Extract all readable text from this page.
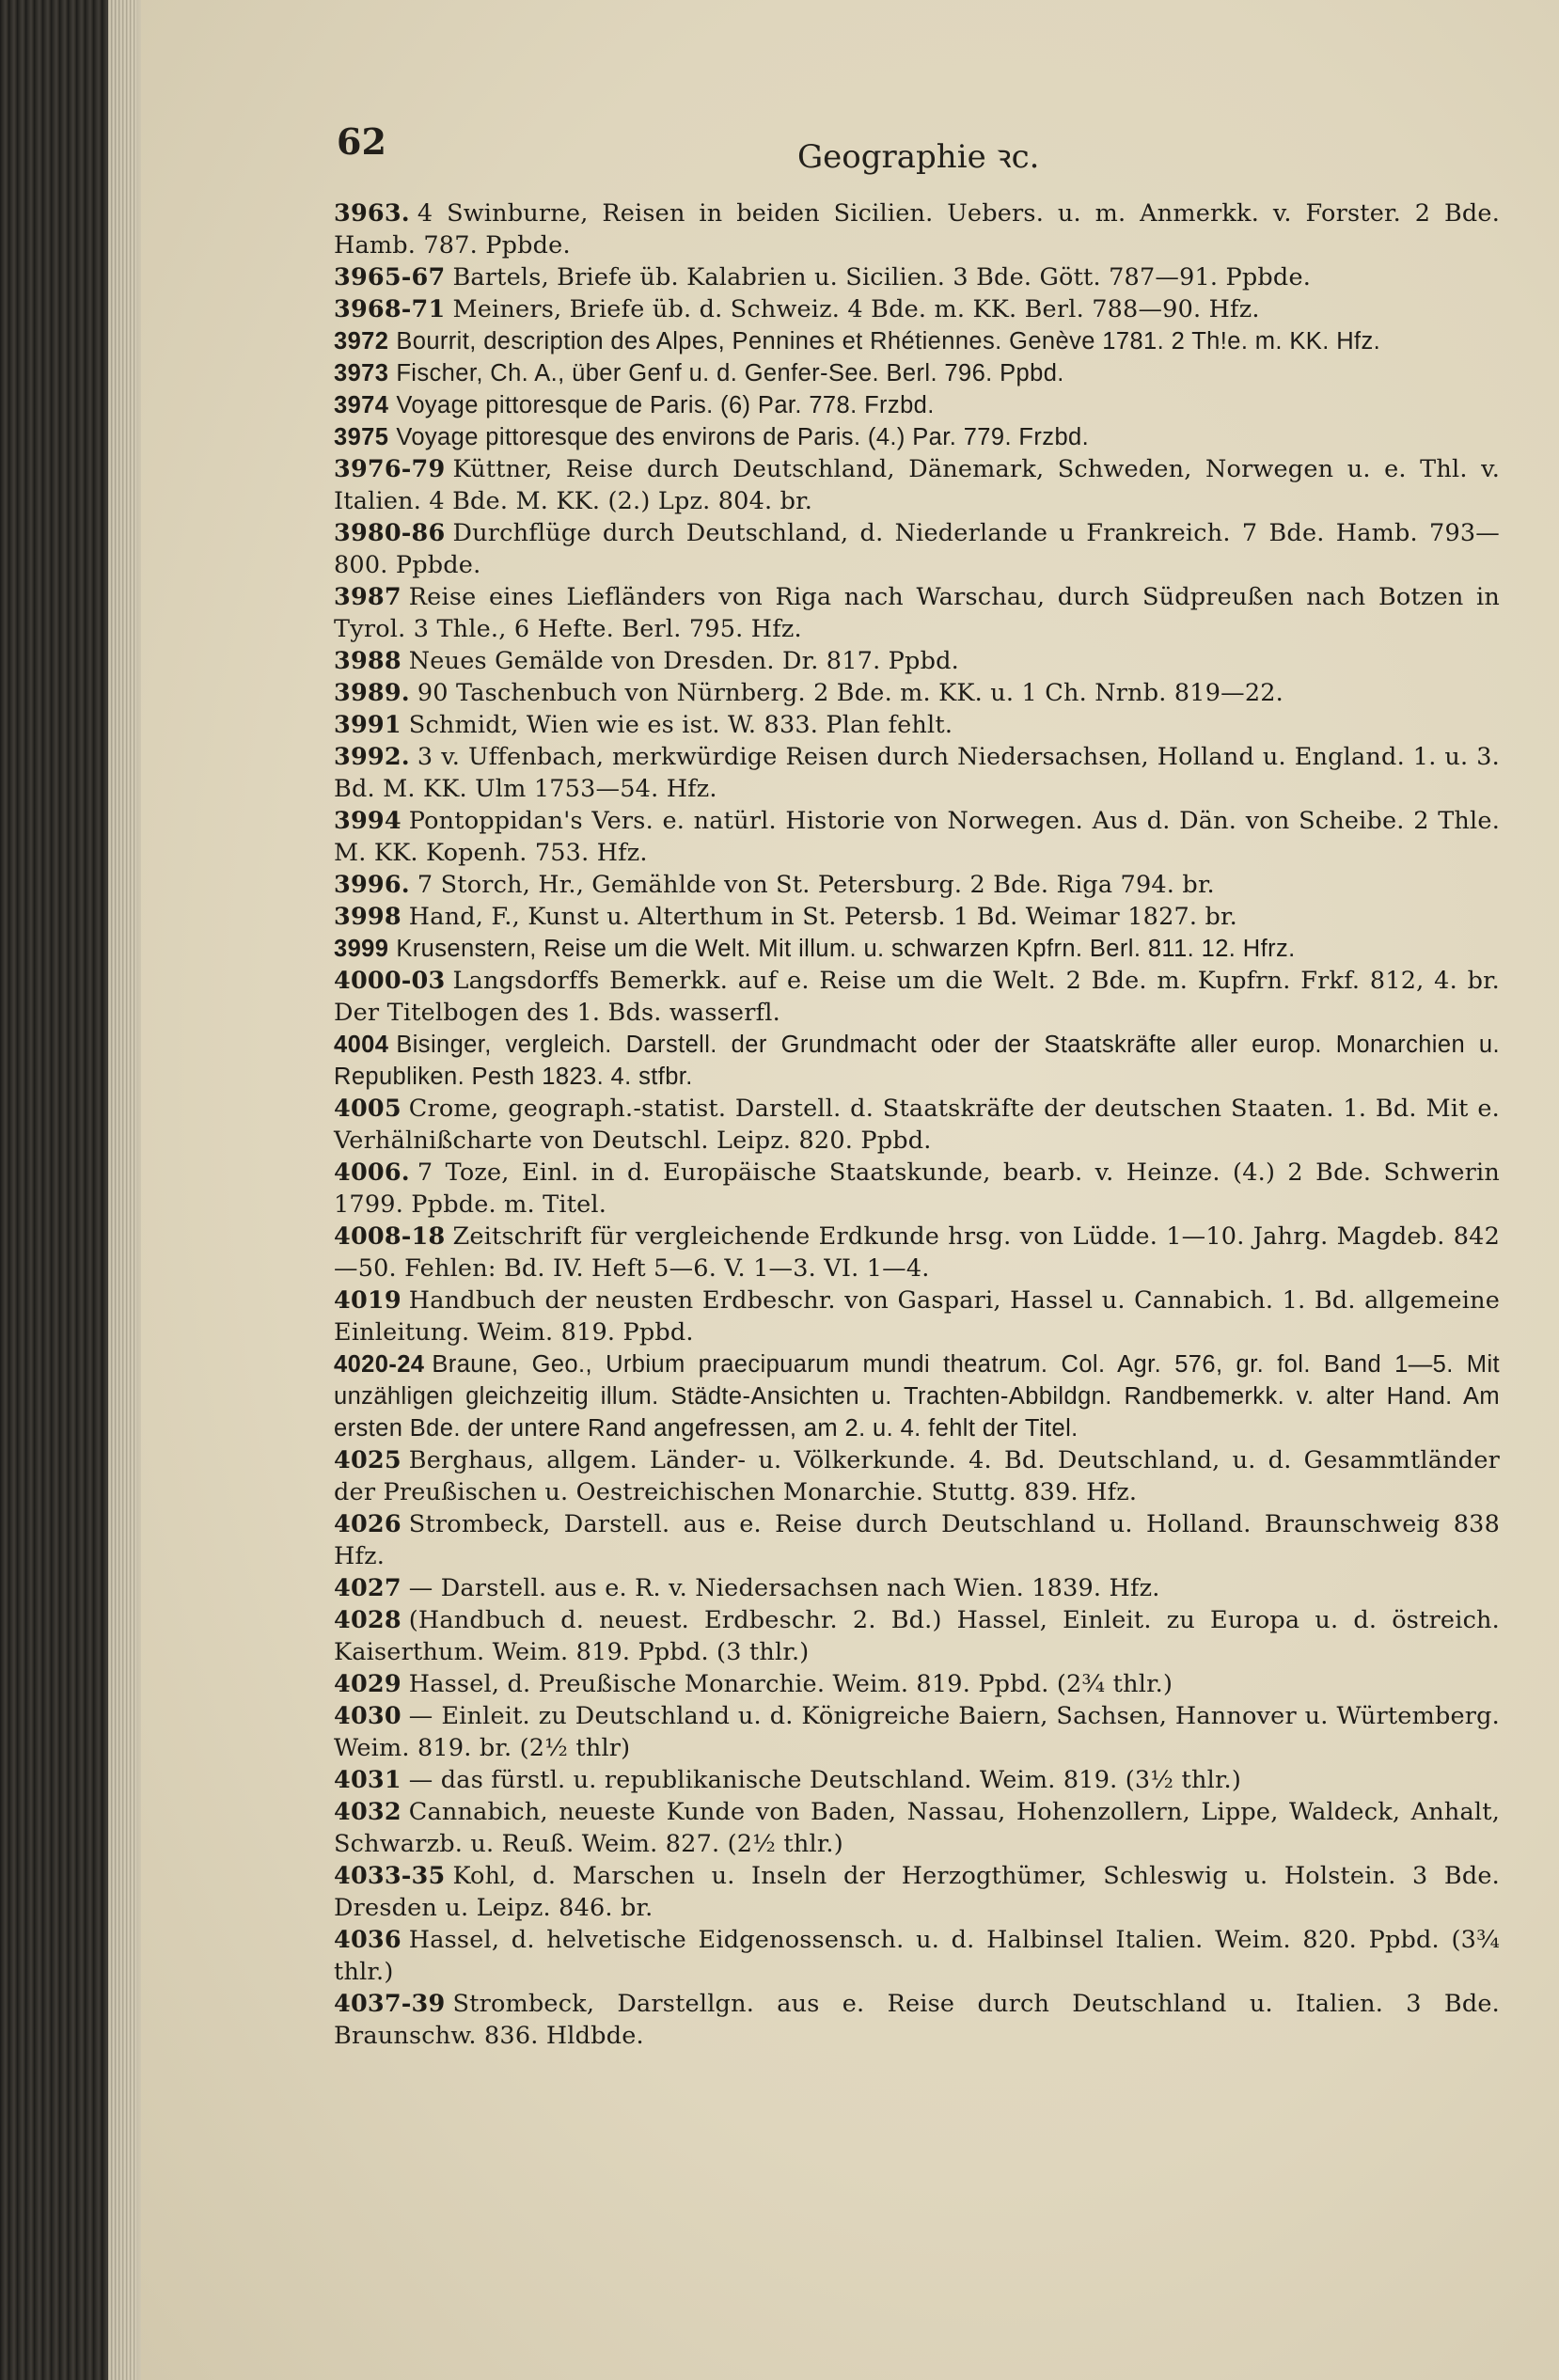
62	Geographie ꝛc.

3963. 4 Swinburne, Reisen in beiden Sicilien. Uebers. u. m. Anmerkk. v. Forster. 2 Bde. Hamb. 787. Ppbde.

3965-67 Bartels, Briefe üb. Kalabrien u. Sicilien. 3 Bde. Gött. 787—91. Ppbde.

3968-71 Meiners, Briefe üb. d. Schweiz. 4 Bde. m. KK. Berl. 788—90. Hfz.

3972 Bourrit, description des Alpes, Pennines et Rhétiennes. Genève 1781. 2 Th!e. m. KK. Hfz.

3973 Fischer, Ch. A., über Genf u. d. Genfer-See. Berl. 796. Ppbd.

3974 Voyage pittoresque de Paris. (6) Par. 778. Frzbd.

3975 Voyage pittoresque des environs de Paris. (4.) Par. 779. Frzbd.

3976-79 Küttner, Reise durch Deutschland, Dänemark, Schweden, Norwegen u. e. Thl. v. Italien. 4 Bde. M. KK. (2.) Lpz. 804. br.

3980-86 Durchflüge durch Deutschland, d. Niederlande u Frankreich. 7 Bde. Hamb. 793—800. Ppbde.

3987 Reise eines Liefländers von Riga nach Warschau, durch Südpreußen nach Botzen in Tyrol. 3 Thle., 6 Hefte. Berl. 795. Hfz.

3988 Neues Gemälde von Dresden. Dr. 817. Ppbd.

3989. 90 Taschenbuch von Nürnberg. 2 Bde. m. KK. u. 1 Ch. Nrnb. 819—22.

3991 Schmidt, Wien wie es ist. W. 833. Plan fehlt.

3992. 3 v. Uffenbach, merkwürdige Reisen durch Niedersachsen, Holland u. England. 1. u. 3. Bd. M. KK. Ulm 1753—54. Hfz.

3994 Pontoppidan's Vers. e. natürl. Historie von Norwegen. Aus d. Dän. von Scheibe. 2 Thle. M. KK. Kopenh. 753. Hfz.

3996. 7 Storch, Hr., Gemählde von St. Petersburg. 2 Bde. Riga 794. br.

3998 Hand, F., Kunst u. Alterthum in St. Petersb. 1 Bd. Weimar 1827. br.

3999 Krusenstern, Reise um die Welt. Mit illum. u. schwarzen Kpfrn. Berl. 811. 12. Hfrz.

4000-03 Langsdorffs Bemerkk. auf e. Reise um die Welt. 2 Bde. m. Kupfrn. Frkf. 812, 4. br. Der Titelbogen des 1. Bds. wasserfl.

4004 Bisinger, vergleich. Darstell. der Grundmacht oder der Staatskräfte aller europ. Monarchien u. Republiken. Pesth 1823. 4. stfbr.

4005 Crome, geograph.-statist. Darstell. d. Staatskräfte der deutschen Staaten. 1. Bd. Mit e. Verhälnißcharte von Deutschl. Leipz. 820. Ppbd.

4006. 7 Toze, Einl. in d. Europäische Staatskunde, bearb. v. Heinze. (4.) 2 Bde. Schwerin 1799. Ppbde. m. Titel.

4008-18 Zeitschrift für vergleichende Erdkunde hrsg. von Lüdde. 1—10. Jahrg. Magdeb. 842—50. Fehlen: Bd. IV. Heft 5—6. V. 1—3. VI. 1—4.

4019 Handbuch der neusten Erdbeschr. von Gaspari, Hassel u. Cannabich. 1. Bd. allgemeine Einleitung. Weim. 819. Ppbd.

4020-24 Braune, Geo., Urbium praecipuarum mundi theatrum. Col. Agr. 576, gr. fol. Band 1—5. Mit unzähligen gleichzeitig illum. Städte-Ansichten u. Trachten-Abbildgn. Randbemerkk. v. alter Hand. Am ersten Bde. der untere Rand angefressen, am 2. u. 4. fehlt der Titel.

4025 Berghaus, allgem. Länder- u. Völkerkunde. 4. Bd. Deutschland, u. d. Gesammtländer der Preußischen u. Oestreichischen Monarchie. Stuttg. 839. Hfz.

4026 Strombeck, Darstell. aus e. Reise durch Deutschland u. Holland. Braunschweig 838 Hfz.

4027 — Darstell. aus e. R. v. Niedersachsen nach Wien. 1839. Hfz.

4028 (Handbuch d. neuest. Erdbeschr. 2. Bd.) Hassel, Einleit. zu Europa u. d. östreich. Kaiserthum. Weim. 819. Ppbd. (3 thlr.)

4029 Hassel, d. Preußische Monarchie. Weim. 819. Ppbd. (2¾ thlr.)

4030 — Einleit. zu Deutschland u. d. Königreiche Baiern, Sachsen, Hannover u. Würtemberg. Weim. 819. br. (2½ thlr)

4031 — das fürstl. u. republikanische Deutschland. Weim. 819. (3½ thlr.)

4032 Cannabich, neueste Kunde von Baden, Nassau, Hohenzollern, Lippe, Waldeck, Anhalt, Schwarzb. u. Reuß. Weim. 827. (2½ thlr.)

4033-35 Kohl, d. Marschen u. Inseln der Herzogthümer, Schleswig u. Holstein. 3 Bde. Dresden u. Leipz. 846. br.

4036 Hassel, d. helvetische Eidgenossensch. u. d. Halbinsel Italien. Weim. 820. Ppbd. (3¾ thlr.)

4037-39 Strombeck, Darstellgn. aus e. Reise durch Deutschland u. Italien. 3 Bde. Braunschw. 836. Hldbde.
